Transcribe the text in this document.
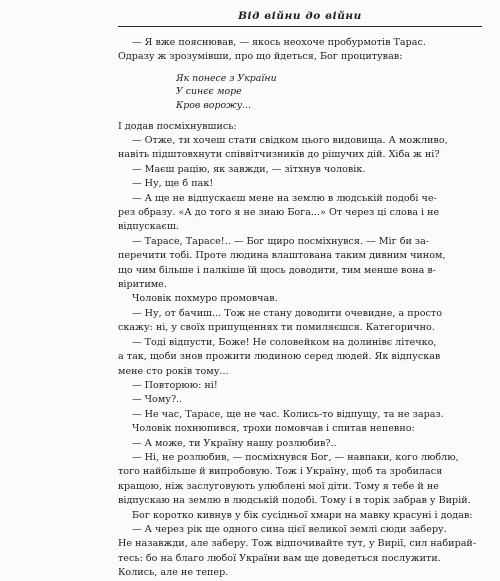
Від війни до війни
— Я вже пояснював, — якось неохоче пробурмотів Тарас.
Одразу ж зрозумівши, про що йдеться, Бог процитував:
Як понесе з України
У синєє море
Кров ворожу...
І додав посміхнувшись:
— Отже, ти хочеш стати свідком цього видовища. А можливо,
навіть підштовхнути співвітчизників до рішучих дій. Хіба ж ні?
— Маєш рацію, як завжди, — зітхнув чоловік.
— Ну, ще б пак!
— А ще не відпускаєш мене на землю в людській подобі че-
рез образу. «А до того я не знаю Бога...» От через ці слова і не
відпускаєш.
— Тарасе, Тарасе!.. — Бог щиро посміхнувся. — Міг би за-
перечити тобі. Проте людина влаштована таким дивним чином,
що чим більше і палкіше їй щось доводити, тим менше вона в-
віритиме.
Чоловік похмуро промовчав.
— Ну, от бачиш... Тож не стану доводити очевидне, а просто
скажу: ні, у своїх припущеннях ти помиляєшся. Категорично.
— Тоді відпусти, Боже! Не соловейком на долинівє літечко,
а так, щоби знов прожити людиною серед людей. Як відпускав
мене сто років тому...
— Повторюю: ні!
— Чому?..
— Не час, Тарасе, ще не час. Колись-то відпущу, та не зараз.
Чоловік похнюпився, трохи помовчав і спитав непевно:
— А може, ти Україну нашу розлюбив?..
— Ні, не розлюбив, — посміхнувся Бог, — навпаки, кого люблю,
того найбільше й випробовую. Тож і Україну, щоб та зробилася
кращою, ніж заслуговують улюблені мої діти. Тому я тебе й не
відпускаю на землю в людській подобі. Тому і в торік забрав у Вирій.
Бог коротко кивнув у бік сусідньої хмари на мавку красуні і додав:
— А через рік ще одного сина цієї великої землі сюди заберу.
Не назавжди, але заберу. Тож відпочивайте тут, у Вирії, сил набирай-
тесь: бо на благо любої України вам ще доведеться послужити.
Колись, але не тепер.
